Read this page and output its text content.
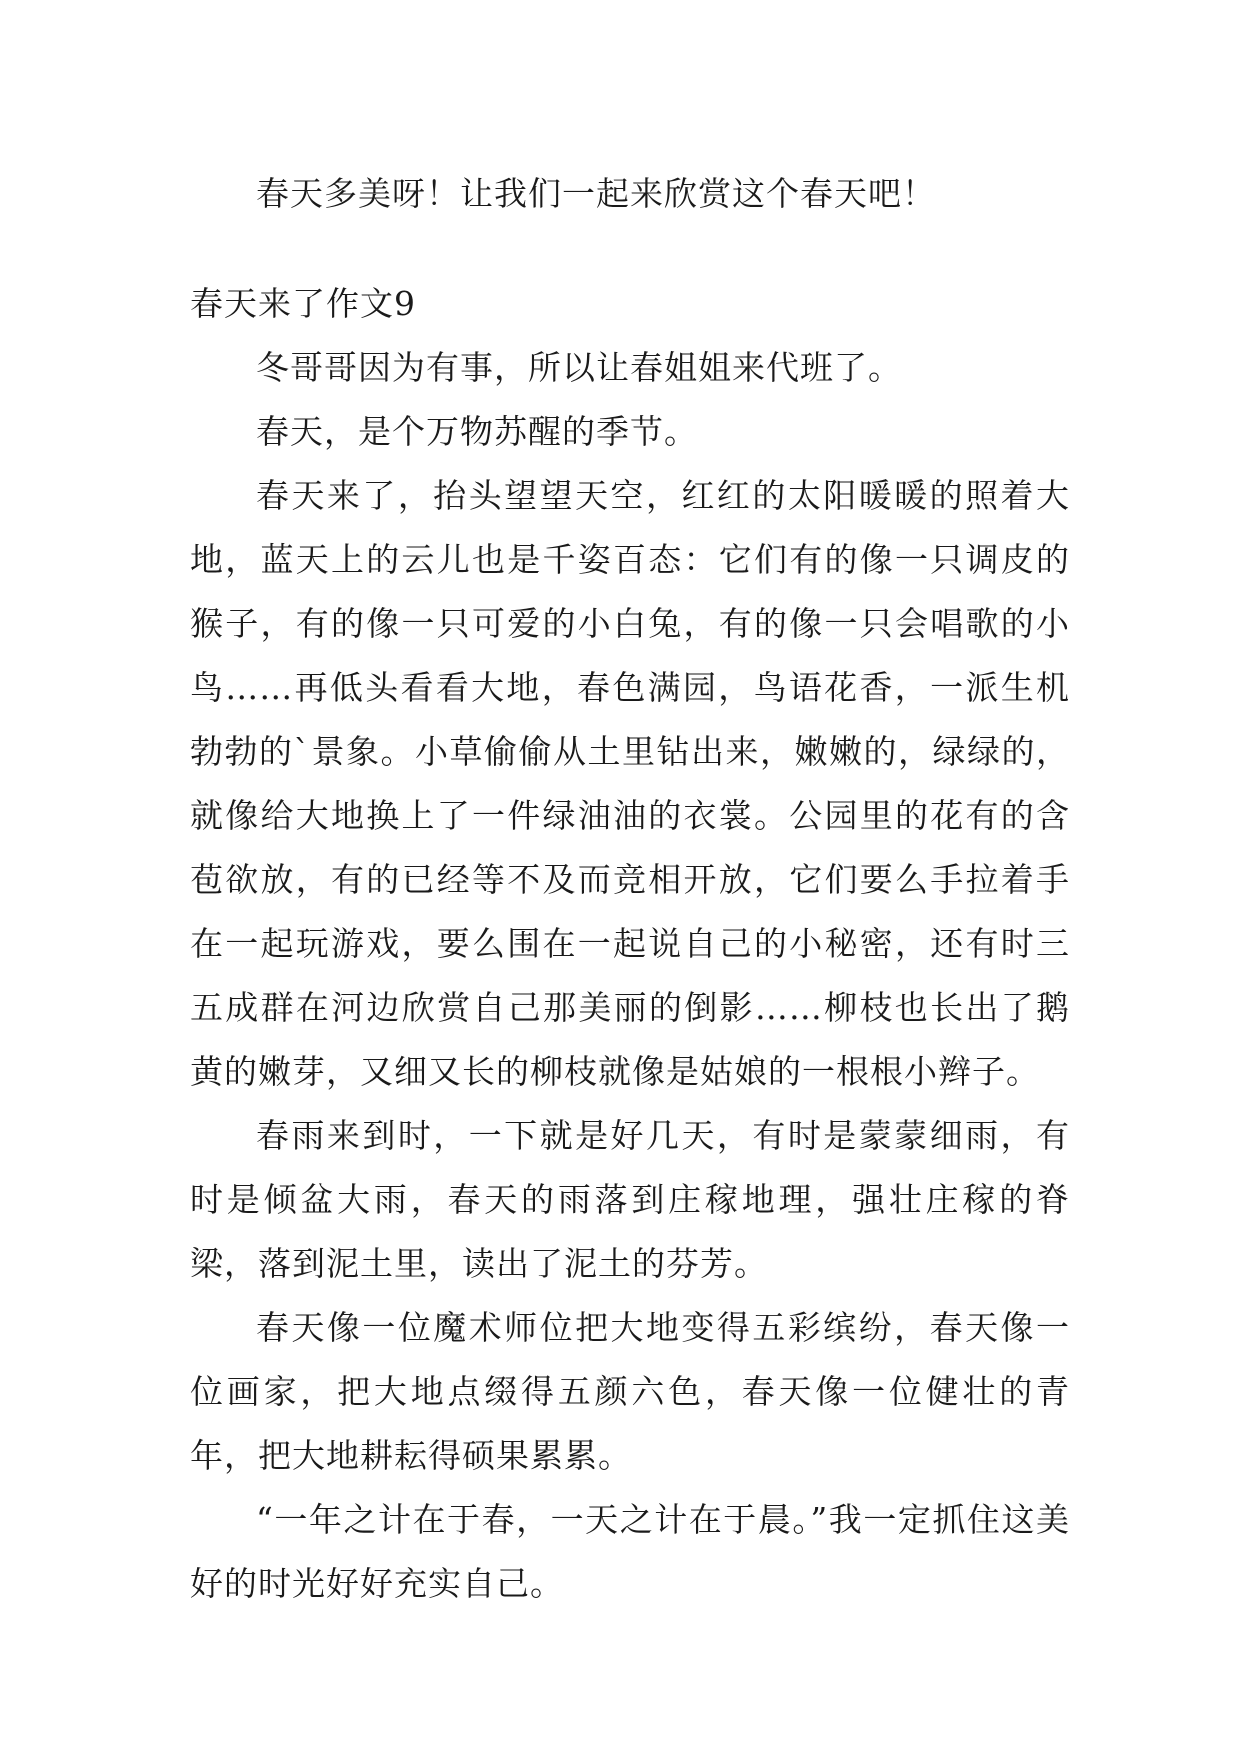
春天多美呀！让我们一起来欣赏这个春天吧！

春天来了作文9

冬哥哥因为有事，所以让春姐姐来代班了。

春天，是个万物苏醒的季节。

春天来了，抬头望望天空，红红的太阳暖暖的照着大地，蓝天上的云儿也是千姿百态：它们有的像一只调皮的猴子，有的像一只可爱的小白兔，有的像一只会唱歌的小鸟……再低头看看大地，春色满园，鸟语花香，一派生机勃勃的`景象。小草偷偷从土里钻出来，嫩嫩的，绿绿的，就像给大地换上了一件绿油油的衣裳。公园里的花有的含苞欲放，有的已经等不及而竞相开放，它们要么手拉着手在一起玩游戏，要么围在一起说自己的小秘密，还有时三五成群在河边欣赏自己那美丽的倒影……柳枝也长出了鹅黄的嫩芽，又细又长的柳枝就像是姑娘的一根根小辫子。

春雨来到时，一下就是好几天，有时是蒙蒙细雨，有时是倾盆大雨，春天的雨落到庄稼地理，强壮庄稼的脊梁，落到泥土里，读出了泥土的芬芳。

春天像一位魔术师位把大地变得五彩缤纷，春天像一位画家，把大地点缀得五颜六色，春天像一位健壮的青年，把大地耕耘得硕果累累。

“一年之计在于春，一天之计在于晨。”我一定抓住这美好的时光好好充实自己。
